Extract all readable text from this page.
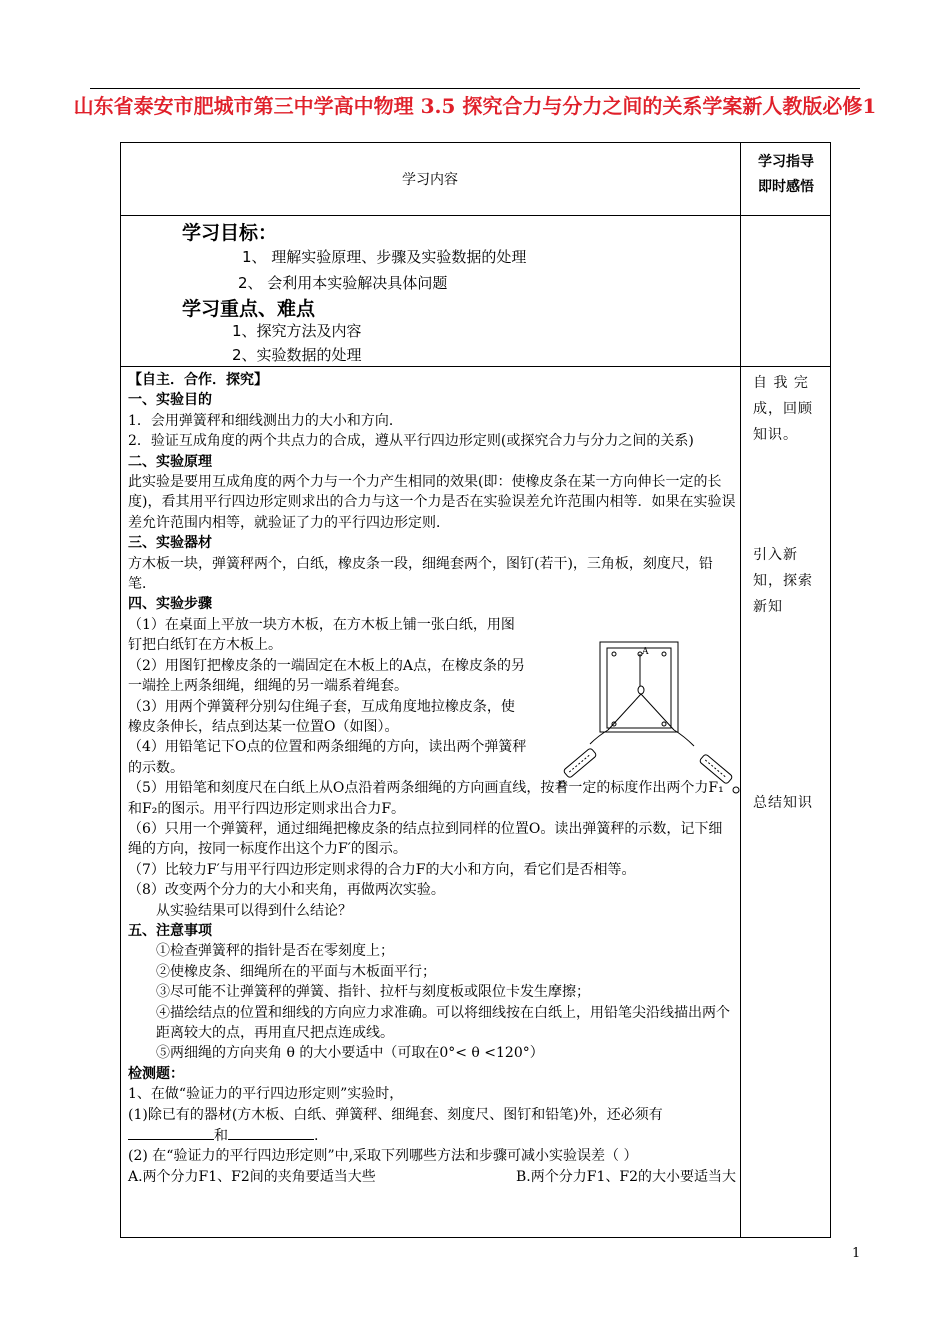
山东省泰安市肥城市第三中学高中物理 3.5 探究合力与分力之间的关系学案新人教版必修1
学习内容
学习指导
即时感悟
学习目标：
1、 理解实验原理、步骤及实验数据的处理
2、 会利用本实验解决具体问题
学习重点、难点
1、探究方法及内容
2、实验数据的处理

【自主．合作．探究】

一、实验目的

1．会用弹簧秤和细线测出力的大小和方向．

2．验证互成角度的两个共点力的合成，遵从平行四边形定则(或探究合力与分力之间的关系)

二、实验原理

此实验是要用互成角度的两个力与一个力产生相同的效果(即：使橡皮条在某一方向伸长一定的长度)，看其用平行四边形定则求出的合力与这一个力是否在实验误差允许范围内相等．如果在实验误差允许范围内相等，就验证了力的平行四边形定则．

三、实验器材

方木板一块，弹簧秤两个，白纸，橡皮条一段，细绳套两个，图钉(若干)，三角板，刻度尺，铅笔．

四、实验步骤

（1）在桌面上平放一块方木板，在方木板上铺一张白纸，用图钉把白纸钉在方木板上。

（2）用图钉把橡皮条的一端固定在木板上的A点，在橡皮条的另一端拴上两条细绳，细绳的另一端系着绳套。

（3）用两个弹簧秤分别勾住绳子套，互成角度地拉橡皮条，使橡皮条伸长，结点到达某一位置O（如图）。

（4）用铅笔记下O点的位置和两条细绳的方向，读出两个弹簧秤的示数。

（5）用铅笔和刻度尺在白纸上从O点沿着两条细绳的方向画直线，按着一定的标度作出两个力F₁和F₂的图示。用平行四边形定则求出合力F。

（6）只用一个弹簧秤，通过细绳把橡皮条的结点拉到同样的位置O。读出弹簧秤的示数，记下细绳的方向，按同一标度作出这个力F′的图示。

（7）比较力F′与用平行四边形定则求得的合力F的大小和方向，看它们是否相等。

（8）改变两个分力的大小和夹角，再做两次实验。

从实验结果可以得到什么结论？

五、注意事项

①检查弹簧秤的指针是否在零刻度上；

②使橡皮条、细绳所在的平面与木板面平行；

③尽可能不让弹簧秤的弹簧、指针、拉杆与刻度板或限位卡发生摩擦；

④描绘结点的位置和细线的方向应力求准确。可以将细线按在白纸上，用铅笔尖沿线描出两个距离较大的点，再用直尺把点连成线。

⑤两细绳的方向夹角 θ 的大小要适中（可取在0°< θ <120°）

检测题：

1、在做“验证力的平行四边形定则”实验时，

(1)除已有的器材(方木板、白纸、弹簧秤、细绳套、刻度尺、图钉和铅笔)外，还必须有和	.

(2) 在“验证力的平行四边形定则”中,采取下列哪些方法和步骤可减小实验误差（ ）

A.两个分力F1、F2间的夹角要适当大些	B.两个分力F1、F2的大小要适当大

A
自 我 完 成，回顾知识。
引入新知，探索新知
总结知识
1
